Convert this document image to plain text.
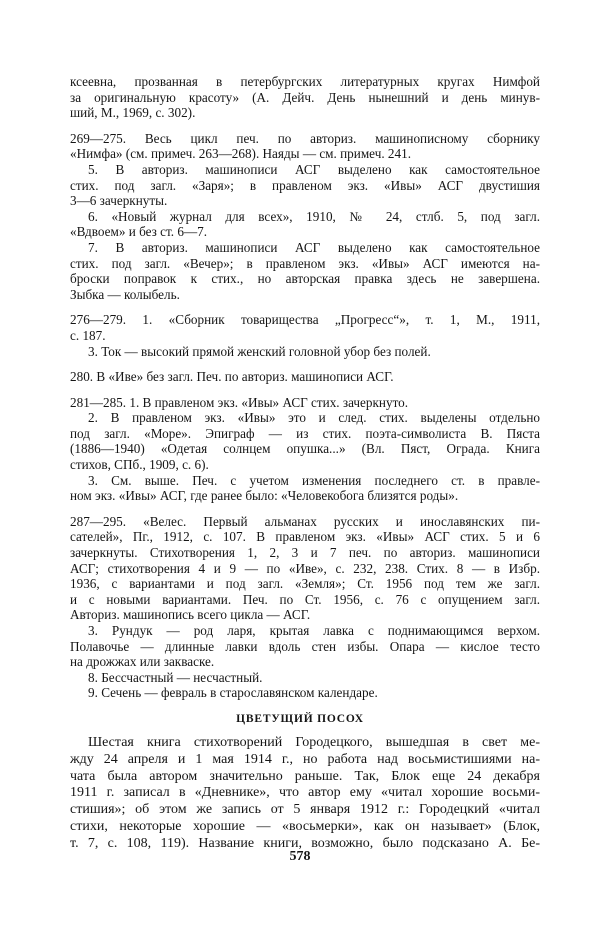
ксеевна, прозванная в петербургских литературных кругах Нимфой

за оригинальную красоту» (А. Дейч. День нынешний и день минув-

ший, М., 1969, с. 302).

269—275. Весь цикл печ. по авториз. машинописному сборнику

«Нимфа» (см. примеч. 263—268). Наяды — см. примеч. 241.

5. В авториз. машинописи АСГ выделено как самостоятельное

стих. под загл. «Заря»; в правленом экз. «Ивы» АСГ двустишия

3—6 зачеркнуты.

6. «Новый журнал для всех», 1910, № 24, стлб. 5, под загл.

«Вдвоем» и без ст. 6—7.

7. В авториз. машинописи АСГ выделено как самостоятельное

стих. под загл. «Вечер»; в правленом экз. «Ивы» АСГ имеются на-

броски поправок к стих., но авторская правка здесь не завершена.

Зыбка — колыбель.

276—279. 1. «Сборник товарищества „Прогресс“», т. 1, М., 1911,

с. 187.

3. Ток — высокий прямой женский головной убор без полей.

280. В «Иве» без загл. Печ. по авториз. машинописи АСГ.

281—285. 1. В правленом экз. «Ивы» АСГ стих. зачеркнуто.

2. В правленом экз. «Ивы» это и след. стих. выделены отдельно

под загл. «Море». Эпиграф — из стих. поэта-символиста В. Пяста

(1886—1940) «Одетая солнцем опушка...» (Вл. Пяст, Ограда. Книга

стихов, СПб., 1909, с. 6).

3. См. выше. Печ. с учетом изменения последнего ст. в правле-

ном экз. «Ивы» АСГ, где ранее было: «Человекобога близятся роды».

287—295. «Велес. Первый альманах русских и инославянских пи-

сателей», Пг., 1912, с. 107. В правленом экз. «Ивы» АСГ стих. 5 и 6

зачеркнуты. Стихотворения 1, 2, 3 и 7 печ. по авториз. машинописи

АСГ; стихотворения 4 и 9 — по «Иве», с. 232, 238. Стих. 8 — в Избр.

1936, с вариантами и под загл. «Земля»; Ст. 1956 под тем же загл.

и с новыми вариантами. Печ. по Ст. 1956, с. 76 с опущением загл.

Авториз. машинопись всего цикла — АСГ.

3. Рундук — род ларя, крытая лавка с поднимающимся верхом.

Полавочье — длинные лавки вдоль стен избы. Опара — кислое тесто

на дрожжах или закваске.

8. Бессчастный — несчастный.

9. Сечень — февраль в старославянском календаре.

ЦВЕТУЩИЙ ПОСОХ

Шестая книга стихотворений Городецкого, вышедшая в свет ме-

жду 24 апреля и 1 мая 1914 г., но работа над восьмистишиями на-

чата была автором значительно раньше. Так, Блок еще 24 декабря

1911 г. записал в «Дневнике», что автор ему «читал хорошие восьми-

стишия»; об этом же запись от 5 января 1912 г.: Городецкий «читал

стихи, некоторые хорошие — «восьмерки», как он называет» (Блок,

т. 7, с. 108, 119). Название книги, возможно, было подсказано А. Бе-

578
